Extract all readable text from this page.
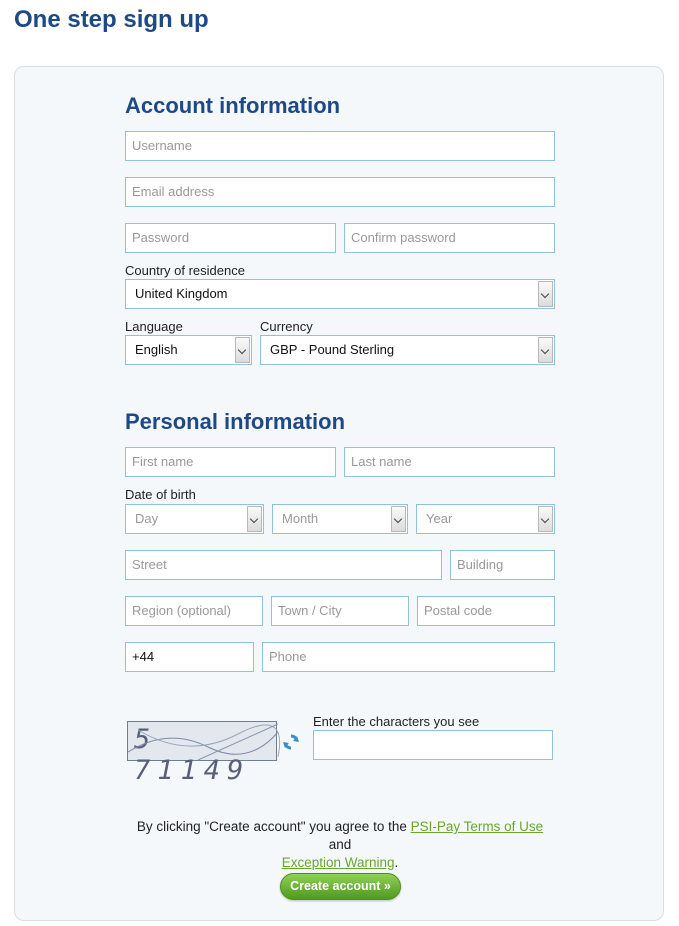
One step sign up
Account information
Username
Email address
Password	Confirm password
Country of residence
United Kingdom
Language
English
Currency
GBP - Pound Sterling
Personal information
First name	Last name
Date of birth
Day	Month	Year
Street	Building
Region (optional)	Town / City	Postal code
+44	Phone
5 71149
Enter the characters you see
By clicking "Create account" you agree to the PSI-Pay Terms of Use and
Exception Warning.
Create account »
